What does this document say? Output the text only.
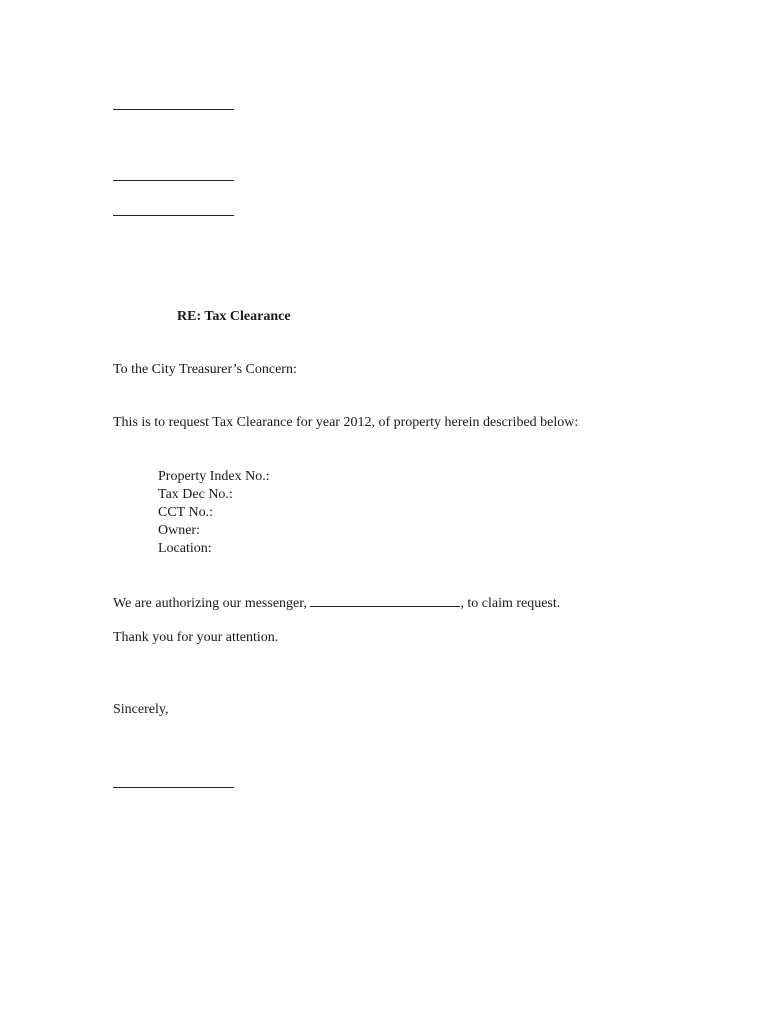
RE: Tax Clearance
To the City Treasurer’s Concern:
This is to request Tax Clearance for year 2012, of property herein described below:
Property Index No.:
Tax Dec No.:
CCT No.:
Owner:
Location:
We are authorizing our messenger,	, to claim request.
Thank you for your attention.
Sincerely,
